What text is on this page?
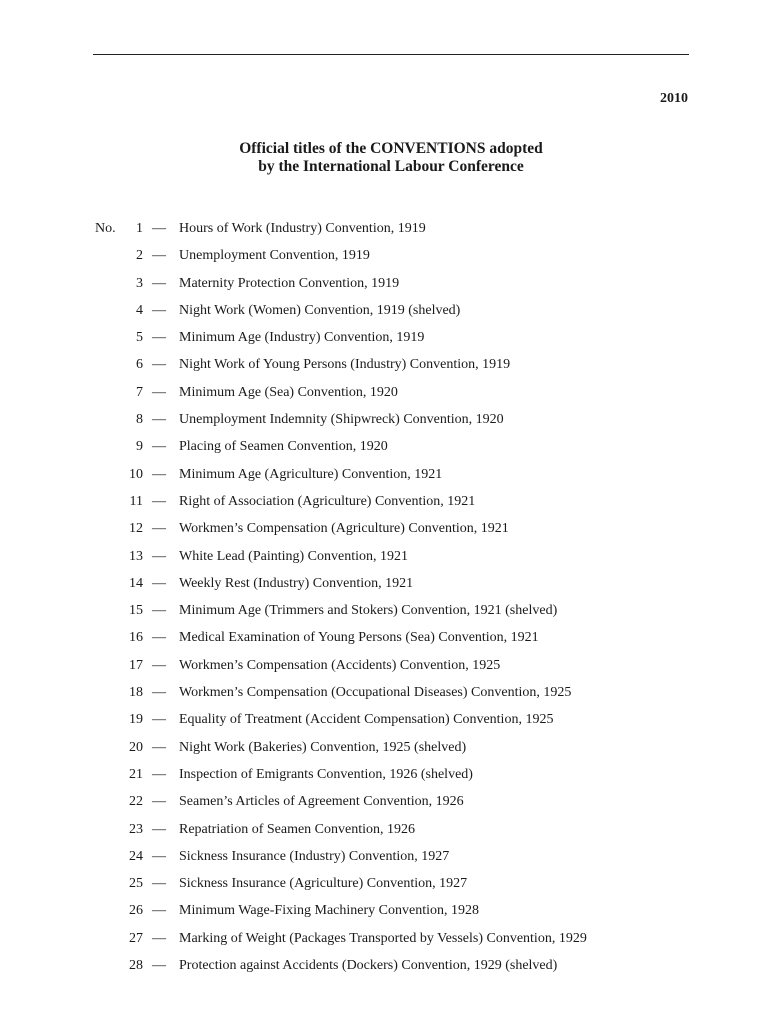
2010
Official titles of the CONVENTIONS adopted
by the International Labour Conference
No.	1 — Hours of Work (Industry) Convention, 1919
2 — Unemployment Convention, 1919
3 — Maternity Protection Convention, 1919
4 — Night Work (Women) Convention, 1919 (shelved)
5 — Minimum Age (Industry) Convention, 1919
6 — Night Work of Young Persons (Industry) Convention, 1919
7 — Minimum Age (Sea) Convention, 1920
8 — Unemployment Indemnity (Shipwreck) Convention, 1920
9 — Placing of Seamen Convention, 1920
10 — Minimum Age (Agriculture) Convention, 1921
11 — Right of Association (Agriculture) Convention, 1921
12 — Workmen’s Compensation (Agriculture) Convention, 1921
13 — White Lead (Painting) Convention, 1921
14 — Weekly Rest (Industry) Convention, 1921
15 — Minimum Age (Trimmers and Stokers) Convention, 1921 (shelved)
16 — Medical Examination of Young Persons (Sea) Convention, 1921
17 — Workmen’s Compensation (Accidents) Convention, 1925
18 — Workmen’s Compensation (Occupational Diseases) Convention, 1925
19 — Equality of Treatment (Accident Compensation) Convention, 1925
20 — Night Work (Bakeries) Convention, 1925 (shelved)
21 — Inspection of Emigrants Convention, 1926 (shelved)
22 — Seamen’s Articles of Agreement Convention, 1926
23 — Repatriation of Seamen Convention, 1926
24 — Sickness Insurance (Industry) Convention, 1927
25 — Sickness Insurance (Agriculture) Convention, 1927
26 — Minimum Wage-Fixing Machinery Convention, 1928
27 — Marking of Weight (Packages Transported by Vessels) Convention, 1929
28 — Protection against Accidents (Dockers) Convention, 1929 (shelved)
